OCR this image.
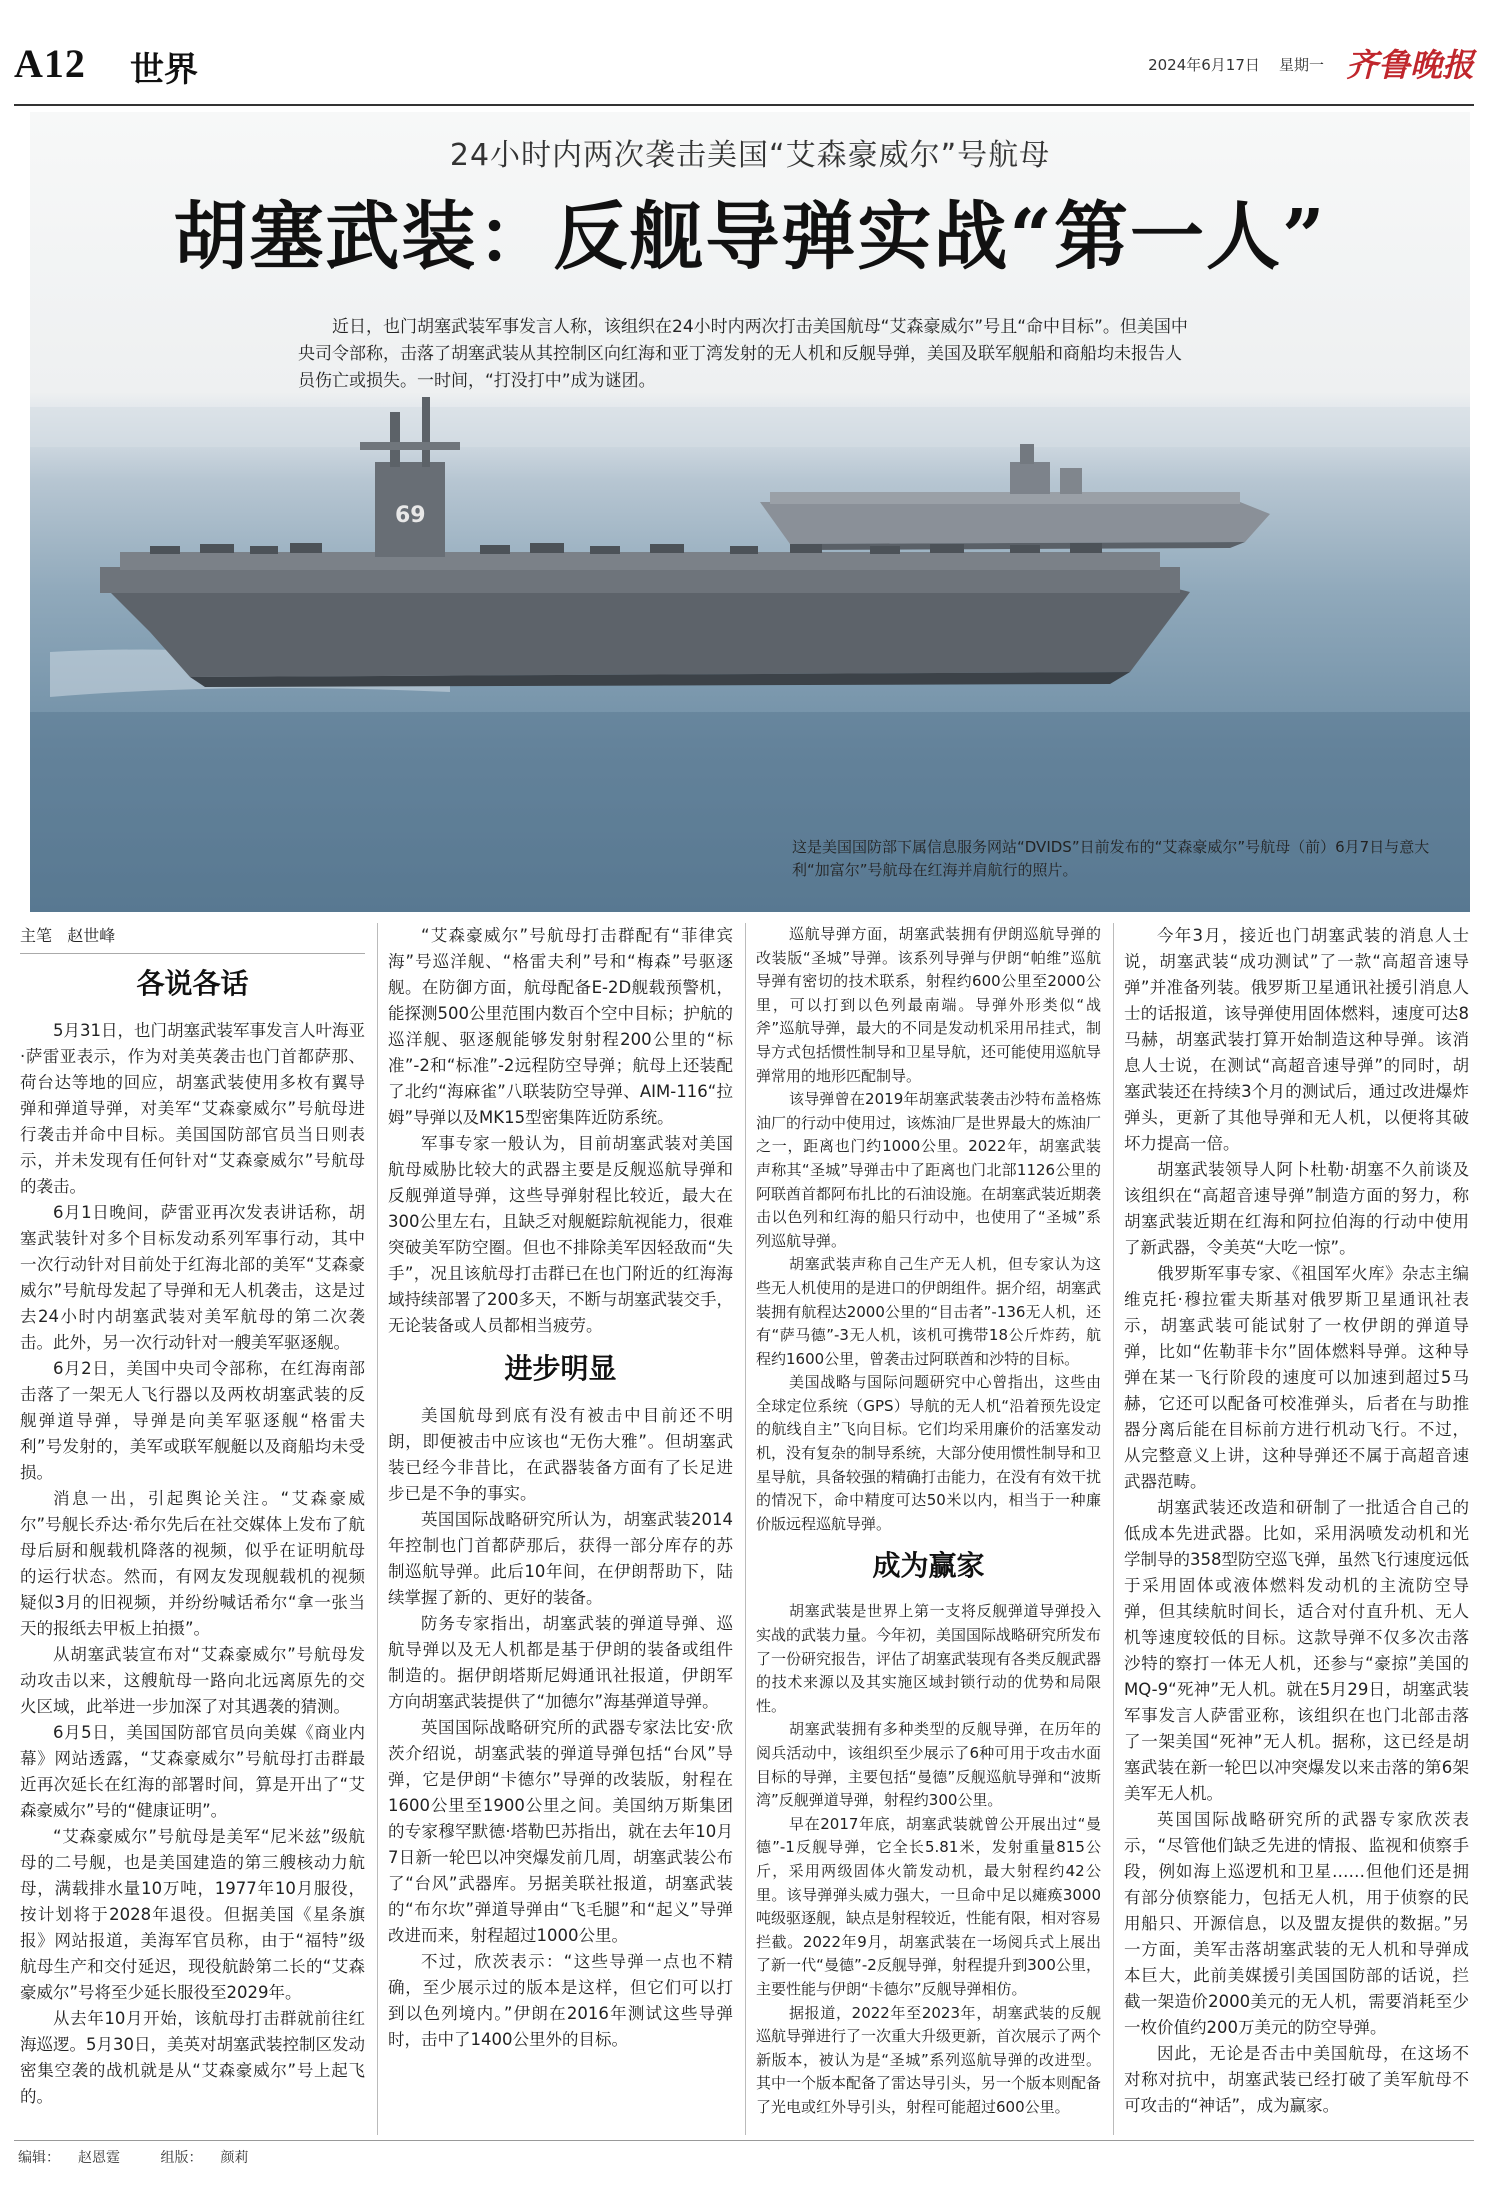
A12 世界	2024年6月17日 星期一 齐鲁晚报
69
24小时内两次袭击美国“艾森豪威尔”号航母
胡塞武装：反舰导弹实战“第一人”
近日，也门胡塞武装军事发言人称，该组织在24小时内两次打击美国航母“艾森豪威尔”号且“命中目标”。但美国中央司令部称，击落了胡塞武装从其控制区向红海和亚丁湾发射的无人机和反舰导弹，美国及联军舰船和商船均未报告人员伤亡或损失。一时间，“打没打中”成为谜团。
这是美国国防部下属信息服务网站“DVIDS”日前发布的“艾森豪威尔”号航母（前）6月7日与意大利“加富尔”号航母在红海并肩航行的照片。
主笔 赵世峰
各说各话

5月31日，也门胡塞武装军事发言人叶海亚·萨雷亚表示，作为对美英袭击也门首都萨那、荷台达等地的回应，胡塞武装使用多枚有翼导弹和弹道导弹，对美军“艾森豪威尔”号航母进行袭击并命中目标。美国国防部官员当日则表示，并未发现有任何针对“艾森豪威尔”号航母的袭击。

6月1日晚间，萨雷亚再次发表讲话称，胡塞武装针对多个目标发动系列军事行动，其中一次行动针对目前处于红海北部的美军“艾森豪威尔”号航母发起了导弹和无人机袭击，这是过去24小时内胡塞武装对美军航母的第二次袭击。此外，另一次行动针对一艘美军驱逐舰。

6月2日，美国中央司令部称，在红海南部击落了一架无人飞行器以及两枚胡塞武装的反舰弹道导弹，导弹是向美军驱逐舰“格雷夫利”号发射的，美军或联军舰艇以及商船均未受损。

消息一出，引起舆论关注。“艾森豪威尔”号舰长乔达·希尔先后在社交媒体上发布了航母后厨和舰载机降落的视频，似乎在证明航母的运行状态。然而，有网友发现舰载机的视频疑似3月的旧视频，并纷纷喊话希尔“拿一张当天的报纸去甲板上拍摄”。

从胡塞武装宣布对“艾森豪威尔”号航母发动攻击以来，这艘航母一路向北远离原先的交火区域，此举进一步加深了对其遇袭的猜测。

6月5日，美国国防部官员向美媒《商业内幕》网站透露，“艾森豪威尔”号航母打击群最近再次延长在红海的部署时间，算是开出了“艾森豪威尔”号的“健康证明”。

“艾森豪威尔”号航母是美军“尼米兹”级航母的二号舰，也是美国建造的第三艘核动力航母，满载排水量10万吨，1977年10月服役，按计划将于2028年退役。但据美国《星条旗报》网站报道，美海军官员称，由于“福特”级航母生产和交付延迟，现役航龄第二长的“艾森豪威尔”号将至少延长服役至2029年。

从去年10月开始，该航母打击群就前往红海巡逻。5月30日，美英对胡塞武装控制区发动密集空袭的战机就是从“艾森豪威尔”号上起飞的。

“艾森豪威尔”号航母打击群配有“菲律宾海”号巡洋舰、“格雷夫利”号和“梅森”号驱逐舰。在防御方面，航母配备E-2D舰载预警机，能探测500公里范围内数百个空中目标；护航的巡洋舰、驱逐舰能够发射射程200公里的“标准”-2和“标准”-2远程防空导弹；航母上还装配了北约“海麻雀”八联装防空导弹、AIM-116“拉姆”导弹以及MK15型密集阵近防系统。

军事专家一般认为，目前胡塞武装对美国航母威胁比较大的武器主要是反舰巡航导弹和反舰弹道导弹，这些导弹射程比较近，最大在300公里左右，且缺乏对舰艇踪航视能力，很难突破美军防空圈。但也不排除美军因轻敌而“失手”，况且该航母打击群已在也门附近的红海海域持续部署了200多天，不断与胡塞武装交手，无论装备或人员都相当疲劳。

进步明显

美国航母到底有没有被击中目前还不明朗，即便被击中应该也“无伤大雅”。但胡塞武装已经今非昔比，在武器装备方面有了长足进步已是不争的事实。

英国国际战略研究所认为，胡塞武装2014年控制也门首都萨那后，获得一部分库存的苏制巡航导弹。此后10年间，在伊朗帮助下，陆续掌握了新的、更好的装备。

防务专家指出，胡塞武装的弹道导弹、巡航导弹以及无人机都是基于伊朗的装备或组件制造的。据伊朗塔斯尼姆通讯社报道，伊朗军方向胡塞武装提供了“加德尔”海基弹道导弹。

英国国际战略研究所的武器专家法比安·欣茨介绍说，胡塞武装的弹道导弹包括“台风”导弹，它是伊朗“卡德尔”导弹的改装版，射程在1600公里至1900公里之间。美国纳万斯集团的专家穆罕默德·塔勒巴苏指出，就在去年10月7日新一轮巴以冲突爆发前几周，胡塞武装公布了“台风”武器库。另据美联社报道，胡塞武装的“布尔坎”弹道导弹由“飞毛腿”和“起义”导弹改进而来，射程超过1000公里。

不过，欣茨表示：“这些导弹一点也不精确，至少展示过的版本是这样，但它们可以打到以色列境内。”伊朗在2016年测试这些导弹时，击中了1400公里外的目标。

巡航导弹方面，胡塞武装拥有伊朗巡航导弹的改装版“圣城”导弹。该系列导弹与伊朗“帕维”巡航导弹有密切的技术联系，射程约600公里至2000公里，可以打到以色列最南端。导弹外形类似“战斧”巡航导弹，最大的不同是发动机采用吊挂式，制导方式包括惯性制导和卫星导航，还可能使用巡航导弹常用的地形匹配制导。

该导弹曾在2019年胡塞武装袭击沙特布盖格炼油厂的行动中使用过，该炼油厂是世界最大的炼油厂之一，距离也门约1000公里。2022年，胡塞武装声称其“圣城”导弹击中了距离也门北部1126公里的阿联酋首都阿布扎比的石油设施。在胡塞武装近期袭击以色列和红海的船只行动中，也使用了“圣城”系列巡航导弹。

胡塞武装声称自己生产无人机，但专家认为这些无人机使用的是进口的伊朗组件。据介绍，胡塞武装拥有航程达2000公里的“目击者”-136无人机，还有“萨马德”-3无人机，该机可携带18公斤炸药，航程约1600公里，曾袭击过阿联酋和沙特的目标。

美国战略与国际问题研究中心曾指出，这些由全球定位系统（GPS）导航的无人机“沿着预先设定的航线自主”飞向目标。它们均采用廉价的活塞发动机，没有复杂的制导系统，大部分使用惯性制导和卫星导航，具备较强的精确打击能力，在没有有效干扰的情况下，命中精度可达50米以内，相当于一种廉价版远程巡航导弹。

成为赢家

胡塞武装是世界上第一支将反舰弹道导弹投入实战的武装力量。今年初，美国国际战略研究所发布了一份研究报告，评估了胡塞武装现有各类反舰武器的技术来源以及其实施区域封锁行动的优势和局限性。

胡塞武装拥有多种类型的反舰导弹，在历年的阅兵活动中，该组织至少展示了6种可用于攻击水面目标的导弹，主要包括“曼德”反舰巡航导弹和“波斯湾”反舰弹道导弹，射程约300公里。

早在2017年底，胡塞武装就曾公开展出过“曼德”-1反舰导弹，它全长5.81米，发射重量815公斤，采用两级固体火箭发动机，最大射程约42公里。该导弹弹头威力强大，一旦命中足以瘫痪3000吨级驱逐舰，缺点是射程较近，性能有限，相对容易拦截。2022年9月，胡塞武装在一场阅兵式上展出了新一代“曼德”-2反舰导弹，射程提升到300公里，主要性能与伊朗“卡德尔”反舰导弹相仿。

据报道，2022年至2023年，胡塞武装的反舰巡航导弹进行了一次重大升级更新，首次展示了两个新版本，被认为是“圣城”系列巡航导弹的改进型。其中一个版本配备了雷达导引头，另一个版本则配备了光电或红外导引头，射程可能超过600公里。

今年3月，接近也门胡塞武装的消息人士说，胡塞武装“成功测试”了一款“高超音速导弹”并准备列装。俄罗斯卫星通讯社援引消息人士的话报道，该导弹使用固体燃料，速度可达8马赫，胡塞武装打算开始制造这种导弹。该消息人士说，在测试“高超音速导弹”的同时，胡塞武装还在持续3个月的测试后，通过改进爆炸弹头，更新了其他导弹和无人机，以便将其破坏力提高一倍。

胡塞武装领导人阿卜杜勒·胡塞不久前谈及该组织在“高超音速导弹”制造方面的努力，称胡塞武装近期在红海和阿拉伯海的行动中使用了新武器，令美英“大吃一惊”。

俄罗斯军事专家、《祖国军火库》杂志主编维克托·穆拉霍夫斯基对俄罗斯卫星通讯社表示，胡塞武装可能试射了一枚伊朗的弹道导弹，比如“佐勒菲卡尔”固体燃料导弹。这种导弹在某一飞行阶段的速度可以加速到超过5马赫，它还可以配备可校准弹头，后者在与助推器分离后能在目标前方进行机动飞行。不过，从完整意义上讲，这种导弹还不属于高超音速武器范畴。

胡塞武装还改造和研制了一批适合自己的低成本先进武器。比如，采用涡喷发动机和光学制导的358型防空巡飞弹，虽然飞行速度远低于采用固体或液体燃料发动机的主流防空导弹，但其续航时间长，适合对付直升机、无人机等速度较低的目标。这款导弹不仅多次击落沙特的察打一体无人机，还参与“豪掠”美国的MQ-9“死神”无人机。就在5月29日，胡塞武装军事发言人萨雷亚称，该组织在也门北部击落了一架美国“死神”无人机。据称，这已经是胡塞武装在新一轮巴以冲突爆发以来击落的第6架美军无人机。

英国国际战略研究所的武器专家欣茨表示，“尽管他们缺乏先进的情报、监视和侦察手段，例如海上巡逻机和卫星……但他们还是拥有部分侦察能力，包括无人机，用于侦察的民用船只、开源信息，以及盟友提供的数据。”另一方面，美军击落胡塞武装的无人机和导弹成本巨大，此前美媒援引美国国防部的话说，拦截一架造价2000美元的无人机，需要消耗至少一枚价值约200万美元的防空导弹。

因此，无论是否击中美国航母，在这场不对称对抗中，胡塞武装已经打破了美军航母不可攻击的“神话”，成为赢家。

编辑： 赵恩霆	组版： 颜莉
